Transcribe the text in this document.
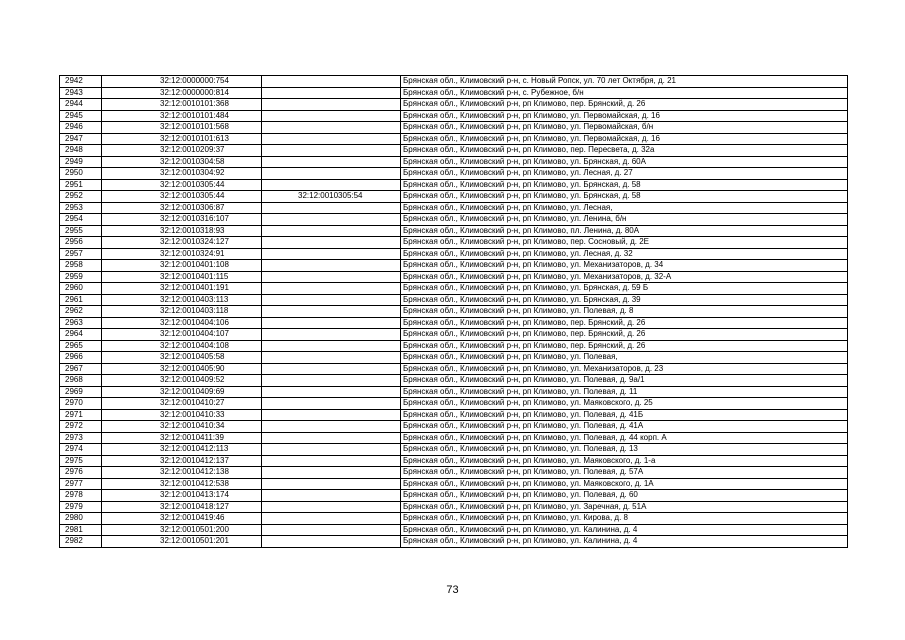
2942	32:12:0000000:754		Брянская обл., Климовский р-н, с. Новый Ропск, ул. 70 лет Октября, д. 21
2943	32:12:0000000:814		Брянская обл., Климовский р-н, с. Рубежное, б/н
2944	32:12:0010101:368		Брянская обл., Климовский р-н, рп Климово, пер. Брянский, д. 26
2945	32:12:0010101:484		Брянская обл., Климовский р-н, рп Климово, ул. Первомайская, д. 16
2946	32:12:0010101:568		Брянская обл., Климовский р-н, рп Климово, ул. Первомайская, б/н
2947	32:12:0010101:613		Брянская обл., Климовский р-н, рп Климово, ул. Первомайская, д. 16
2948	32:12:0010209:37		Брянская обл., Климовский р-н, рп Климово, пер. Пересвета, д. 32а
2949	32:12:0010304:58		Брянская обл., Климовский р-н, рп Климово, ул. Брянская, д. 60А
2950	32:12:0010304:92		Брянская обл., Климовский р-н, рп Климово, ул. Лесная, д. 27
2951	32:12:0010305:44		Брянская обл., Климовский р-н, рп Климово, ул. Брянская, д. 58
2952	32:12:0010305:44	32:12:0010305:54	Брянская обл., Климовский р-н, рп Климово, ул. Брянская, д. 58
2953	32:12:0010306:87		Брянская обл., Климовский р-н, рп Климово, ул. Лесная,
2954	32:12:0010316:107		Брянская обл., Климовский р-н, рп Климово, ул. Ленина, б/н
2955	32:12:0010318:93		Брянская обл., Климовский р-н, рп Климово, пл. Ленина, д. 80А
2956	32:12:0010324:127		Брянская обл., Климовский р-н, рп Климово, пер. Сосновый, д. 2Е
2957	32:12:0010324:91		Брянская обл., Климовский р-н, рп Климово, ул. Лесная, д. 32
2958	32:12:0010401:108		Брянская обл., Климовский р-н, рп Климово, ул. Механизаторов, д. 34
2959	32:12:0010401:115		Брянская обл., Климовский р-н, рп Климово, ул. Механизаторов, д. 32-А
2960	32:12:0010401:191		Брянская обл., Климовский р-н, рп Климово, ул. Брянская, д. 59 Б
2961	32:12:0010403:113		Брянская обл., Климовский р-н, рп Климово, ул. Брянская, д. 39
2962	32:12:0010403:118		Брянская обл., Климовский р-н, рп Климово, ул. Полевая, д. 8
2963	32:12:0010404:106		Брянская обл., Климовский р-н, рп Климово, пер. Брянский, д. 26
2964	32:12:0010404:107		Брянская обл., Климовский р-н, рп Климово, пер. Брянский, д. 26
2965	32:12:0010404:108		Брянская обл., Климовский р-н, рп Климово, пер. Брянский, д. 26
2966	32:12:0010405:58		Брянская обл., Климовский р-н, рп Климово, ул. Полевая,
2967	32:12:0010405:90		Брянская обл., Климовский р-н, рп Климово, ул. Механизаторов, д. 23
2968	32:12:0010409:52		Брянская обл., Климовский р-н, рп Климово, ул. Полевая, д. 9а/1
2969	32:12:0010409:69		Брянская обл., Климовский р-н, рп Климово, ул. Полевая, д. 11
2970	32:12:0010410:27		Брянская обл., Климовский р-н, рп Климово, ул. Маяковского, д. 25
2971	32:12:0010410:33		Брянская обл., Климовский р-н, рп Климово, ул. Полевая, д. 41Б
2972	32:12:0010410:34		Брянская обл., Климовский р-н, рп Климово, ул. Полевая, д. 41А
2973	32:12:0010411:39		Брянская обл., Климовский р-н, рп Климово, ул. Полевая, д. 44 корп. А
2974	32:12:0010412:113		Брянская обл., Климовский р-н, рп Климово, ул. Полевая, д. 13
2975	32:12:0010412:137		Брянская обл., Климовский р-н, рп Климово, ул. Маяковского, д. 1-а
2976	32:12:0010412:138		Брянская обл., Климовский р-н, рп Климово, ул. Полевая, д. 57А
2977	32:12:0010412:538		Брянская обл., Климовский р-н, рп Климово, ул. Маяковского, д. 1А
2978	32:12:0010413:174		Брянская обл., Климовский р-н, рп Климово, ул. Полевая, д. 60
2979	32:12:0010418:127		Брянская обл., Климовский р-н, рп Климово, ул. Заречная, д. 51А
2980	32:12:0010419:46		Брянская обл., Климовский р-н, рп Климово, ул. Кирова, д. 8
2981	32:12:0010501:200		Брянская обл., Климовский р-н, рп Климово, ул. Калинина, д. 4
2982	32:12:0010501:201		Брянская обл., Климовский р-н, рп Климово, ул. Калинина, д. 4
73
